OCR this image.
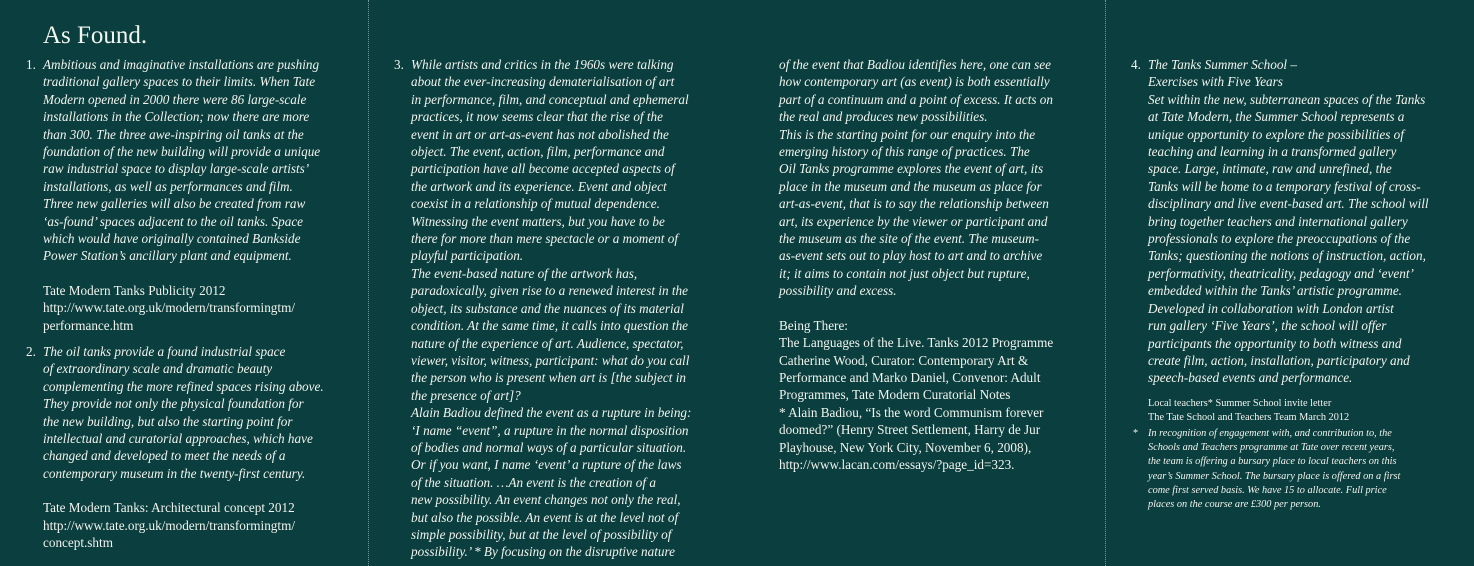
As Found.
1. Ambitious and imaginative installations are pushing
traditional gallery spaces to their limits. When Tate
Modern opened in 2000 there were 86 large-scale
installations in the Collection; now there are more
than 300. The three awe-inspiring oil tanks at the
foundation of the new building will provide a unique
raw industrial space to display large-scale artists’
installations, as well as performances and film.
Three new galleries will also be created from raw
‘as-found’ spaces adjacent to the oil tanks. Space
which would have originally contained Bankside
Power Station’s ancillary plant and equipment.
Tate Modern Tanks Publicity 2012
http://www.tate.org.uk/modern/transformingtm/
performance.htm
2. The oil tanks provide a found industrial space
of extraordinary scale and dramatic beauty
complementing the more refined spaces rising above.
They provide not only the physical foundation for
the new building, but also the starting point for
intellectual and curatorial approaches, which have
changed and developed to meet the needs of a
contemporary museum in the twenty-first century.
Tate Modern Tanks: Architectural concept 2012
http://www.tate.org.uk/modern/transformingtm/
concept.shtm
3. While artists and critics in the 1960s were talking
about the ever-increasing dematerialisation of art
in performance, film, and conceptual and ephemeral
practices, it now seems clear that the rise of the
event in art or art-as-event has not abolished the
object. The event, action, film, performance and
participation have all become accepted aspects of
the artwork and its experience. Event and object
coexist in a relationship of mutual dependence.
Witnessing the event matters, but you have to be
there for more than mere spectacle or a moment of
playful participation.
The event-based nature of the artwork has,
paradoxically, given rise to a renewed interest in the
object, its substance and the nuances of its material
condition. At the same time, it calls into question the
nature of the experience of art. Audience, spectator,
viewer, visitor, witness, participant: what do you call
the person who is present when art is [the subject in
the presence of art]?
Alain Badiou defined the event as a rupture in being:
‘I name “event”, a rupture in the normal disposition
of bodies and normal ways of a particular situation.
Or if you want, I name ‘event’ a rupture of the laws
of the situation. …An event is the creation of a
new possibility. An event changes not only the real,
but also the possible. An event is at the level not of
simple possibility, but at the level of possibility of
possibility.’ * By focusing on the disruptive nature
of the event that Badiou identifies here, one can see
how contemporary art (as event) is both essentially
part of a continuum and a point of excess. It acts on
the real and produces new possibilities.
This is the starting point for our enquiry into the
emerging history of this range of practices. The
Oil Tanks programme explores the event of art, its
place in the museum and the museum as place for
art-as-event, that is to say the relationship between
art, its experience by the viewer or participant and
the museum as the site of the event. The museum-
as-event sets out to play host to art and to archive
it; it aims to contain not just object but rupture,
possibility and excess.
Being There:
The Languages of the Live. Tanks 2012 Programme
Catherine Wood, Curator: Contemporary Art &
Performance and Marko Daniel, Convenor: Adult
Programmes, Tate Modern Curatorial Notes
* Alain Badiou, “Is the word Communism forever
doomed?” (Henry Street Settlement, Harry de Jur
Playhouse, New York City, November 6, 2008),
http://www.lacan.com/essays/?page_id=323.
4. The Tanks Summer School –
Exercises with Five Years
Set within the new, subterranean spaces of the Tanks
at Tate Modern, the Summer School represents a
unique opportunity to explore the possibilities of
teaching and learning in a transformed gallery
space. Large, intimate, raw and unrefined, the
Tanks will be home to a temporary festival of cross-
disciplinary and live event-based art. The school will
bring together teachers and international gallery
professionals to explore the preoccupations of the
Tanks; questioning the notions of instruction, action,
performativity, theatricality, pedagogy and ‘event’
embedded within the Tanks’ artistic programme.
Developed in collaboration with London artist
run gallery ‘Five Years’, the school will offer
participants the opportunity to both witness and
create film, action, installation, participatory and
speech-based events and performance.
Local teachers* Summer School invite letter
The Tate School and Teachers Team March 2012
* In recognition of engagement with, and contribution to, the
Schools and Teachers programme at Tate over recent years,
the team is offering a bursary place to local teachers on this
year’s Summer School. The bursary place is offered on a first
come first served basis. We have 15 to allocate. Full price
places on the course are £300 per person.
